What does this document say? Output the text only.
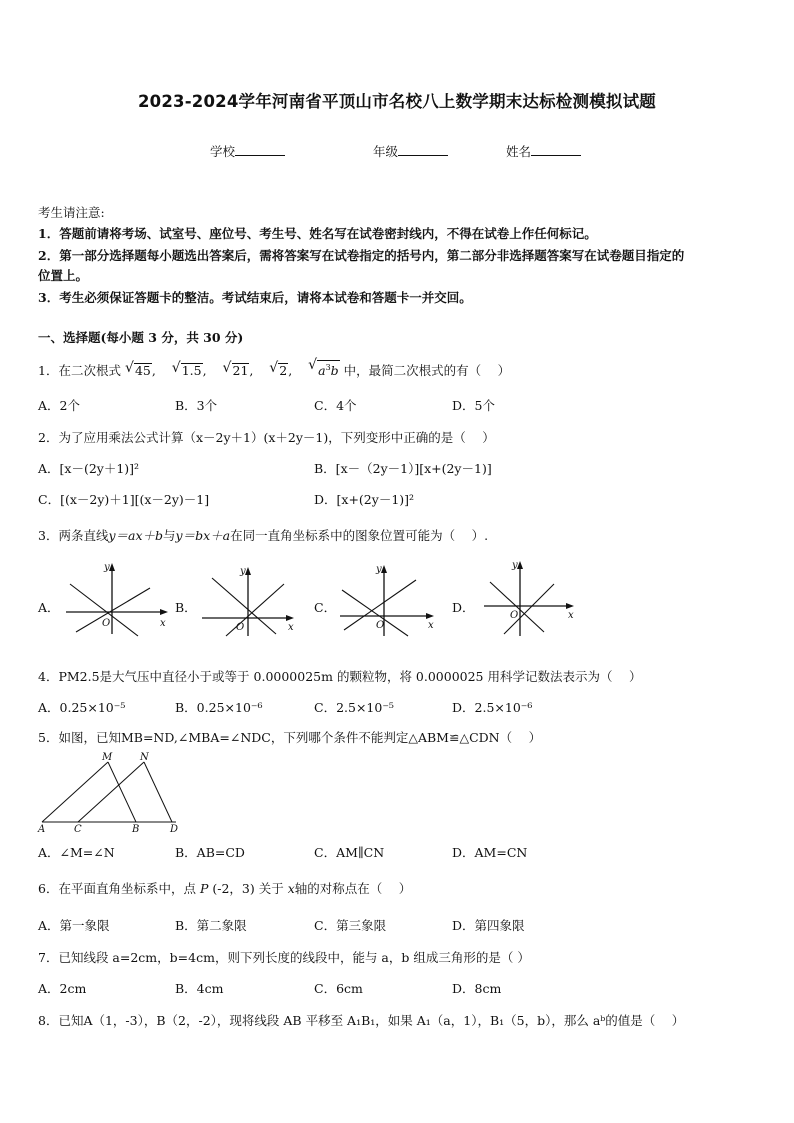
2023-2024学年河南省平顶山市名校八上数学期末达标检测模拟试题
学校	年级	姓名
考生请注意:
1．答题前请将考场、试室号、座位号、考生号、姓名写在试卷密封线内，不得在试卷上作任何标记。
2．第一部分选择题每小题选出答案后，需将答案写在试卷指定的括号内，第二部分非选择题答案写在试卷题目指定的
位置上。
3．考生必须保证答题卡的整洁。考试结束后，请将本试卷和答题卡一并交回。
一、选择题(每小题 3 分，共 30 分)
1．在二次根式 √ 45, √ 1.5, √ 21, √ 2, √ $a^3b$ 中，最简二次根式的有（　 ）
A．2个	B．3个	C．4个	D．5个
2．为了应用乘法公式计算（x－2y＋1）(x＋2y－1)，下列变形中正确的是（　 ）
A．[x－(2y＋1)]²	B．[x－（2y－1）][x+(2y－1)]
C．[(x－2y)＋1][(x－2y)－1]	D．[x+(2y－1)]²
3．两条直线y＝ax＋b与y＝bx＋a在同一直角坐标系中的图象位置可能为（　 ）.
A．	B．	C．	D．
y
x
O
y
x
O
y
x
O
y
x
O
4．PM2.5是大气压中直径小于或等于 0.0000025m 的颗粒物，将 0.0000025 用科学记数法表示为（　 ）
A．0.25×10⁻⁵	B．0.25×10⁻⁶	C．2.5×10⁻⁵	D．2.5×10⁻⁶
5．如图，已知MB=ND,∠MBA=∠NDC，下列哪个条件不能判定△ABM≌△CDN（　 ）
M	N
A	C	B	D
A．∠M=∠N	B．AB=CD	C．AM∥CN	D．AM=CN
6．在平面直角坐标系中，点 P (-2，3) 关于 x轴的对称点在（　 ）
A．第一象限	B．第二象限	C．第三象限	D．第四象限
7．已知线段 a=2cm，b=4cm，则下列长度的线段中，能与 a，b 组成三角形的是（ ）
A．2cm	B．4cm	C．6cm	D．8cm
8．已知A（1，-3），B（2，-2），现将线段 AB 平移至 A₁B₁，如果 A₁（a，1），B₁（5，b），那么 aᵇ的值是（　 ）
